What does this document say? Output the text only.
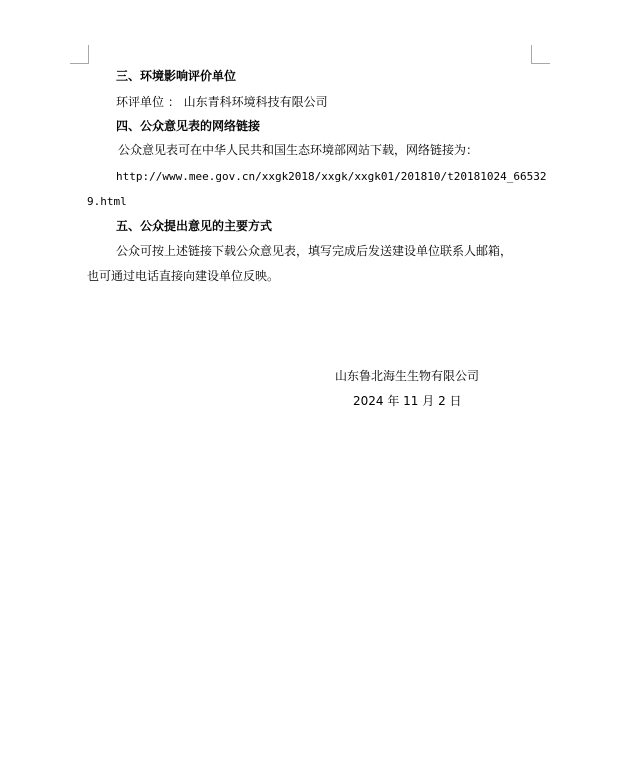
三、环境影响评价单位
环评单位 ： 山东青科环境科技有限公司
四、公众意见表的网络链接
公众意见表可在中华人民共和国生态环境部网站下载，网络链接为：
http://www.mee.gov.cn/xxgk2018/xxgk/xxgk01/201810/t20181024_66532
9.html
五、公众提出意见的主要方式
公众可按上述链接下载公众意见表，填写完成后发送建设单位联系人邮箱，
也可通过电话直接向建设单位反映。
山东鲁北海生生物有限公司
2024 年 11 月 2 日
